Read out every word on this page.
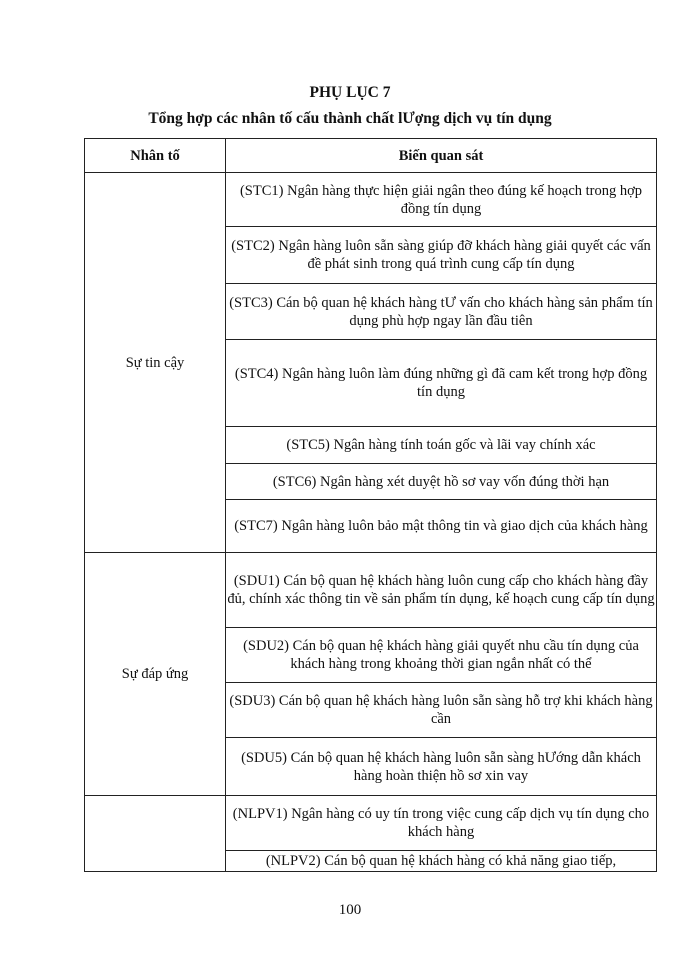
PHỤ LỤC 7
Tổng hợp các nhân tố cấu thành chất lƯợng dịch vụ tín dụng
Nhân tố	Biến quan sát
Sự tin cậy	(STC1) Ngân hàng thực hiện giải ngân theo đúng kế hoạch trong hợp đồng tín dụng
	(STC2) Ngân hàng luôn sẵn sàng giúp đỡ khách hàng giải quyết các vấn đề phát sinh trong quá trình cung cấp tín dụng
	(STC3) Cán bộ quan hệ khách hàng tƯ vấn cho khách hàng sản phẩm tín dụng phù hợp ngay lần đầu tiên
	(STC4) Ngân hàng luôn làm đúng những gì đã cam kết trong hợp đồng tín dụng
	(STC5) Ngân hàng tính toán gốc và lãi vay chính xác
	(STC6) Ngân hàng xét duyệt hồ sơ vay vốn đúng thời hạn
	(STC7) Ngân hàng luôn bảo mật thông tin và giao dịch của khách hàng
Sự đáp ứng	(SDU1) Cán bộ quan hệ khách hàng luôn cung cấp cho khách hàng đầy đủ, chính xác thông tin về sản phẩm tín dụng, kế hoạch cung cấp tín dụng
	(SDU2) Cán bộ quan hệ khách hàng giải quyết nhu cầu tín dụng của khách hàng trong khoảng thời gian ngắn nhất có thể
	(SDU3) Cán bộ quan hệ khách hàng luôn sẵn sàng hỗ trợ khi khách hàng cần
	(SDU5) Cán bộ quan hệ khách hàng luôn sẵn sàng hƯớng dẫn khách hàng hoàn thiện hồ sơ xin vay
	(NLPV1) Ngân hàng có uy tín trong việc cung cấp dịch vụ tín dụng cho khách hàng
	(NLPV2) Cán bộ quan hệ khách hàng có khả năng giao tiếp,
100
